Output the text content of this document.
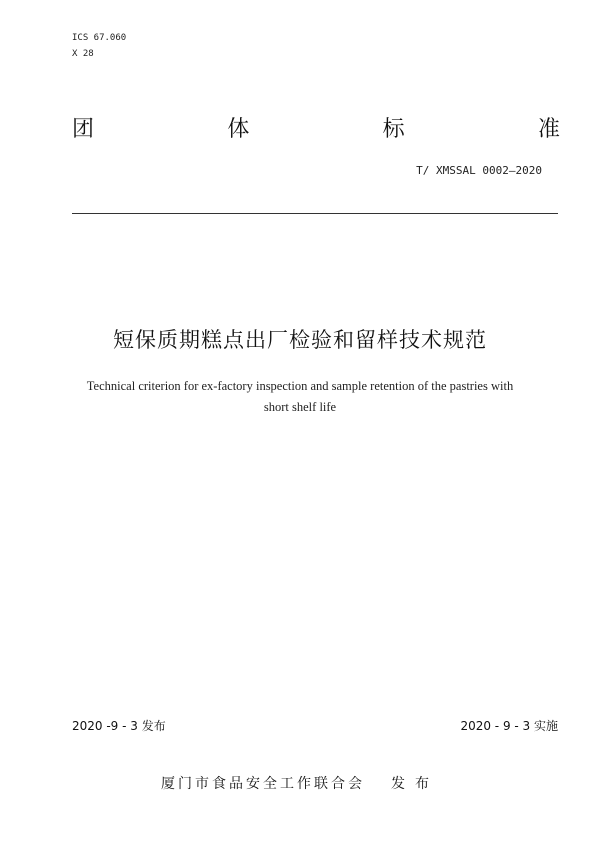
ICS 67.060
X 28
团	体	标	准
T/ XMSSAL 0002—2020
短保质期糕点出厂检验和留样技术规范
Technical criterion for ex-factory inspection and sample retention of the pastries with
short shelf life
2020 -9 - 3 发布	2020 - 9 - 3 实施
厦门市食品安全工作联合会 发布
